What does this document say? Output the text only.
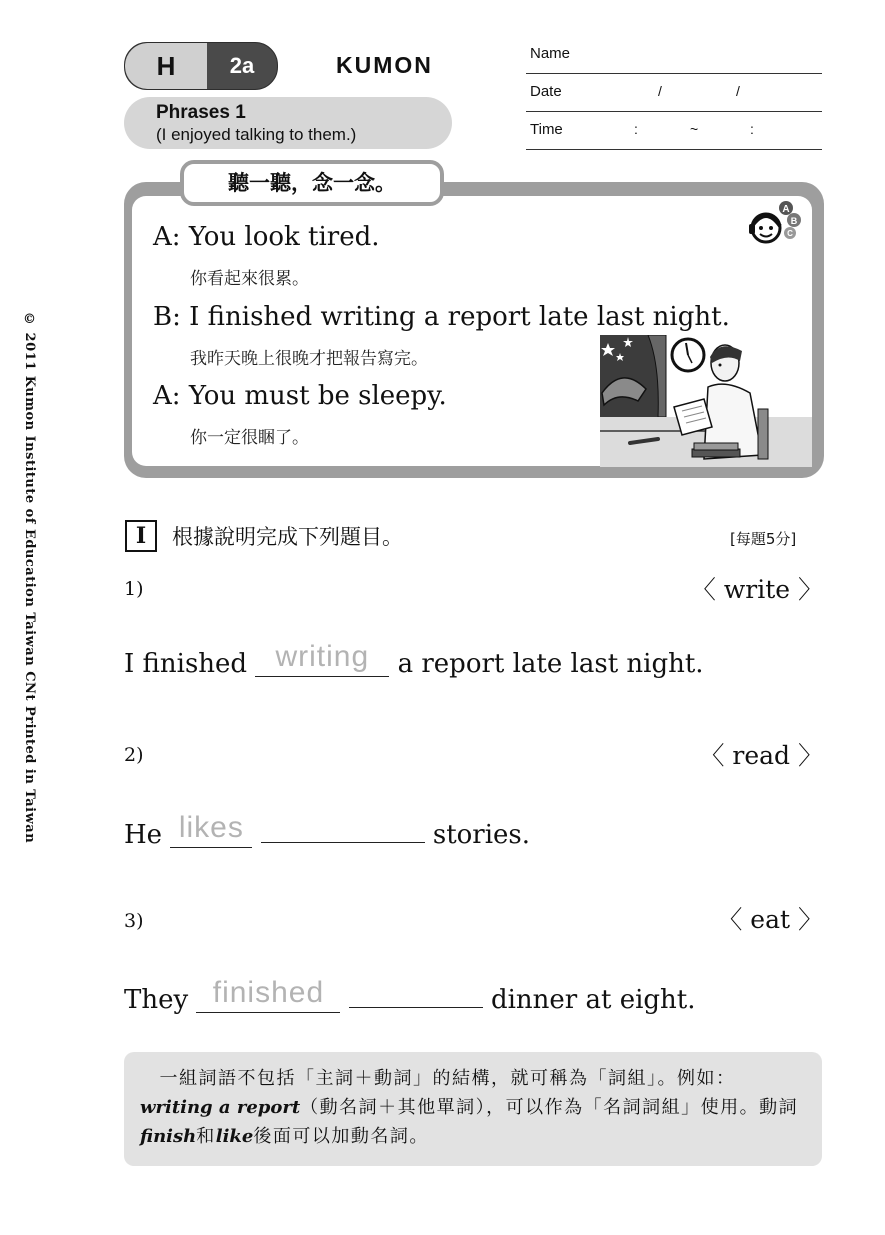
H	2a	KUMON
Phrases 1
(I enjoyed talking to them.)
Name
Date	/	/
Time	:	~	:
© 2011 Kumon Institute of Education Taiwan CNt Printed in Taiwan
聽一聽，念一念。
A
B
C
A: You look tired.
你看起來很累。
B: I finished writing a report late last night.
我昨天晚上很晚才把報告寫完。
A: You must be sleepy.
你一定很睏了。
I	根據說明完成下列題目。	[每題5分]
1)	〈 write 〉
I finished writing a report late last night.
2)	〈 read 〉
He likes	stories.
3)	〈 eat 〉
They finished	dinner at eight.
　一組詞語不包括「主詞＋動詞」的結構，就可稱為「詞組」。例如：writing a report（動名詞＋其他單詞），可以作為「名詞詞組」使用。動詞finish和like後面可以加動名詞。
